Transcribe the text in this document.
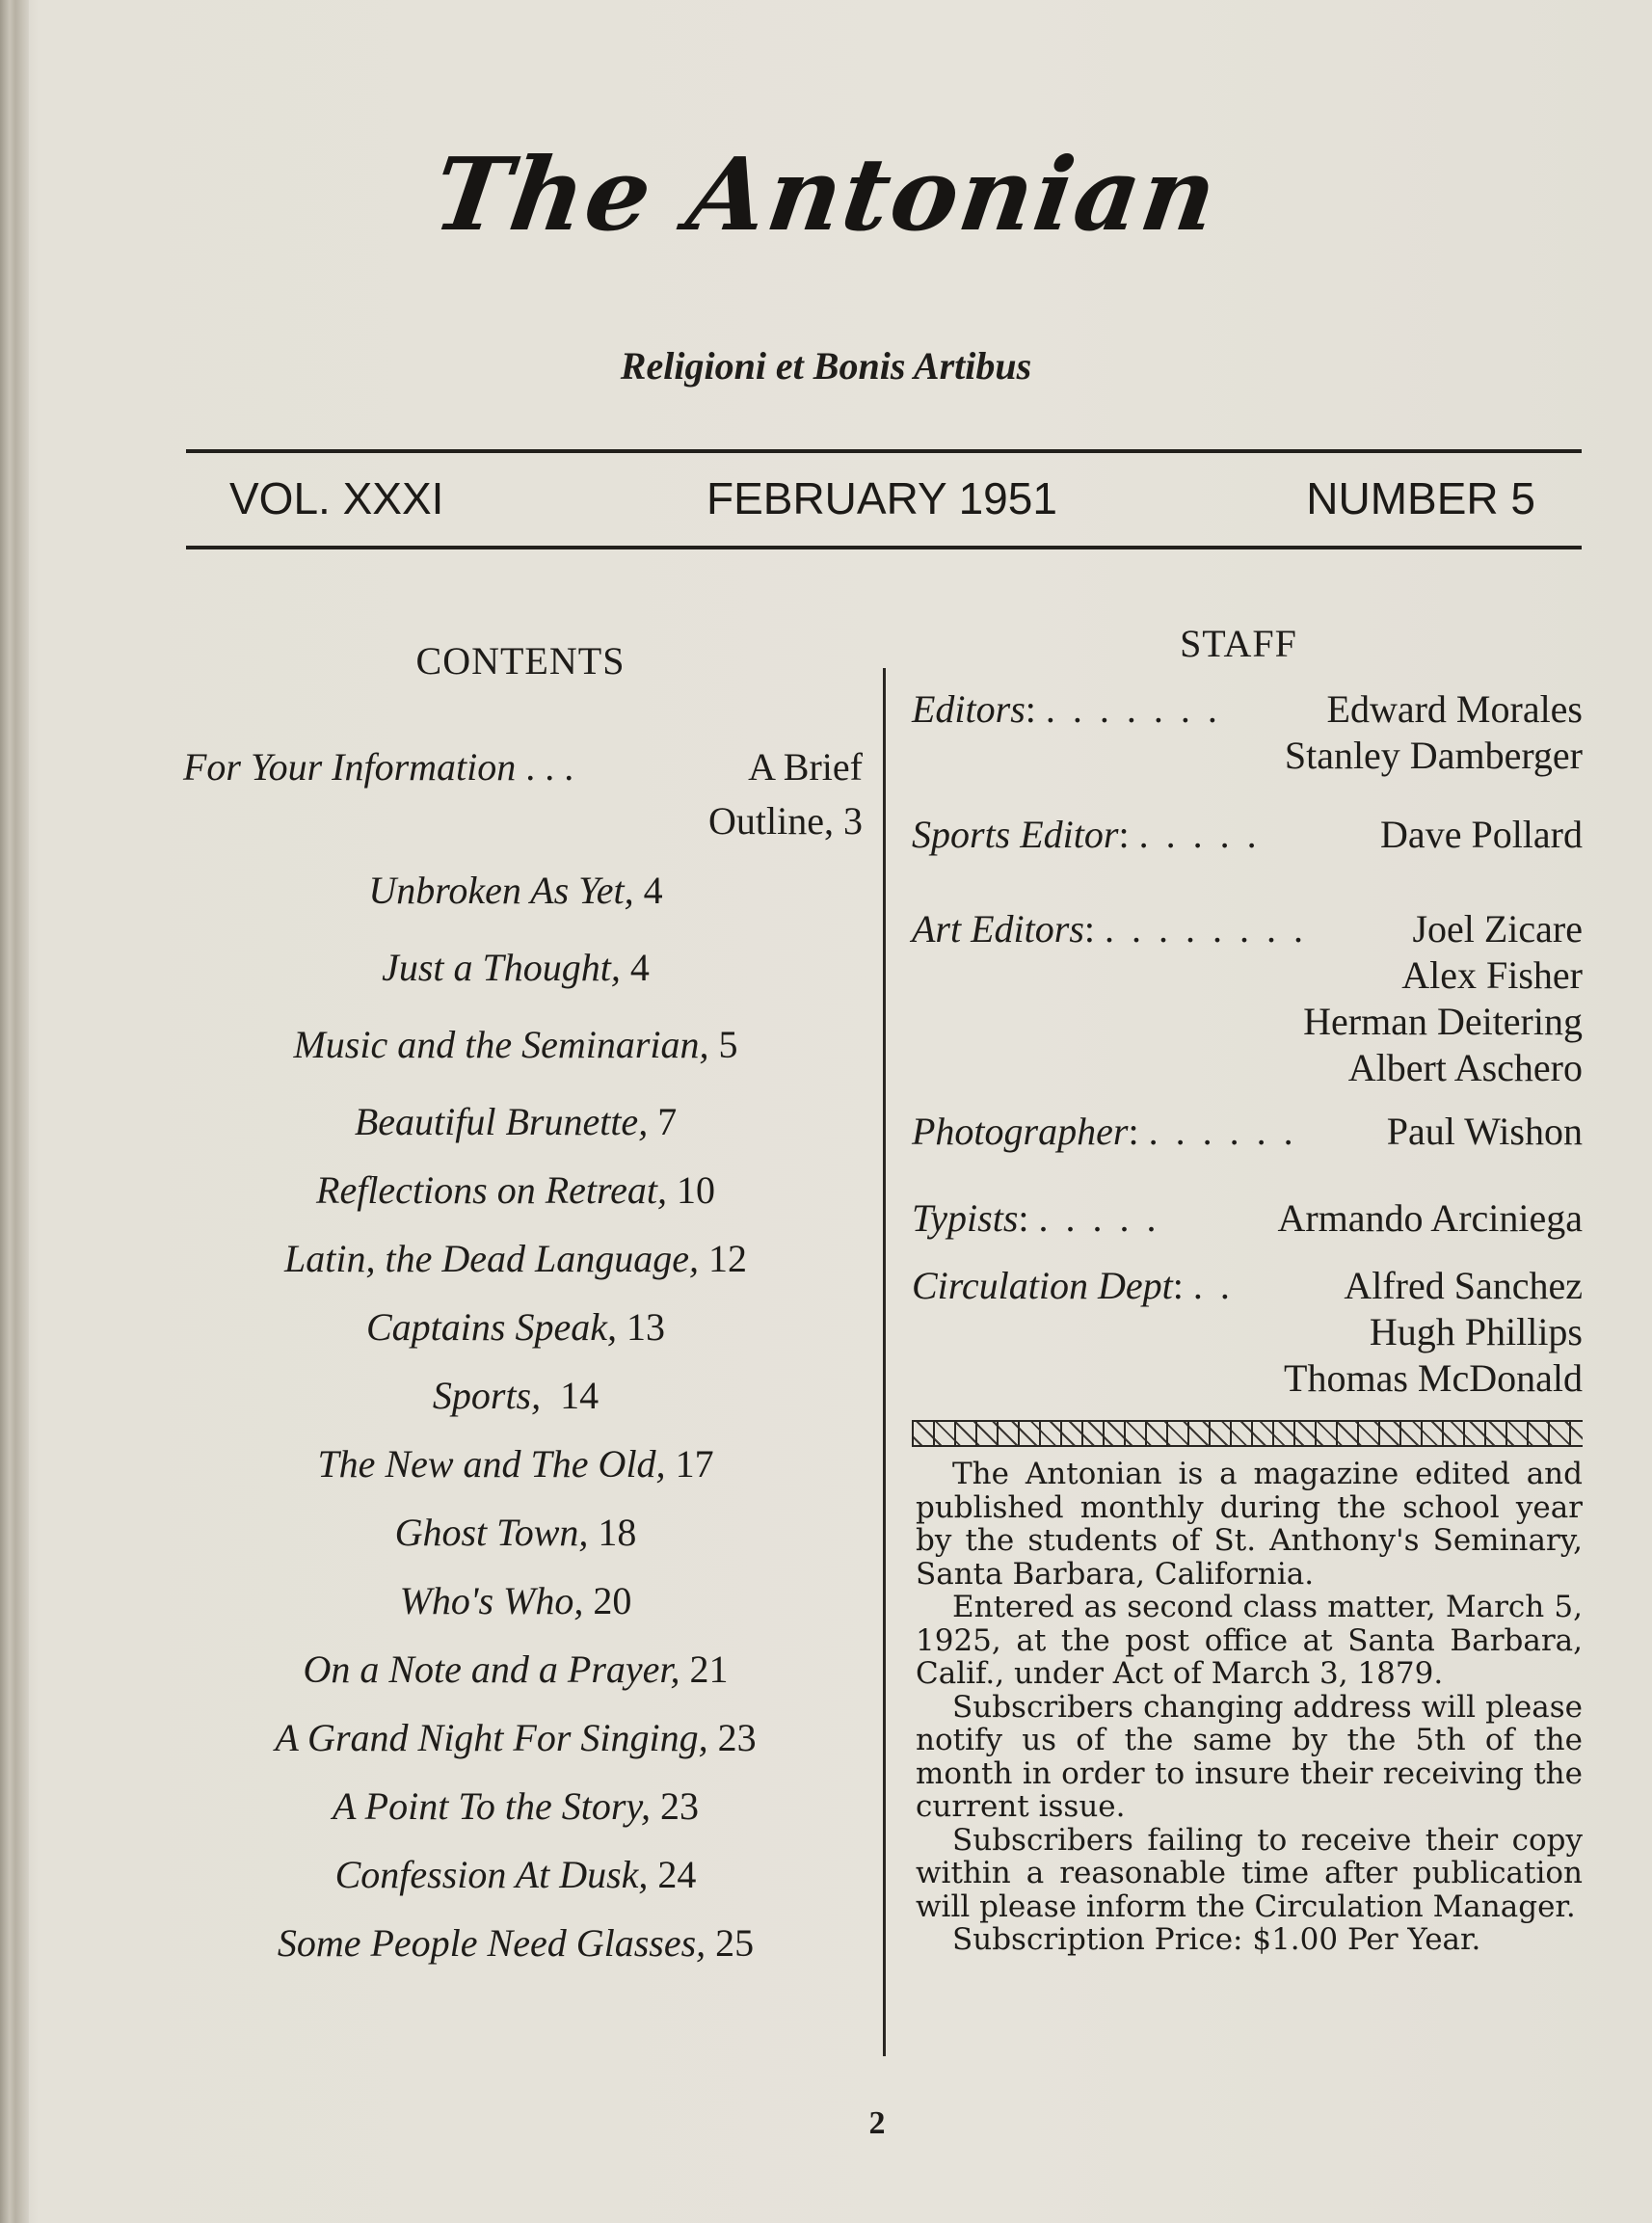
The Antonian
Religioni et Bonis Artibus
VOL. XXXI	FEBRUARY 1951	NUMBER 5
CONTENTS
For Your Information . . .	A Brief
Outline, 3
Unbroken As Yet, 4
Just a Thought, 4
Music and the Seminarian, 5
Beautiful Brunette, 7
Reflections on Retreat, 10
Latin, the Dead Language, 12
Captains Speak, 13
Sports, 14
The New and The Old, 17
Ghost Town, 18
Who's Who, 20
On a Note and a Prayer, 21
A Grand Night For Singing, 23
A Point To the Story, 23
Confession At Dusk, 24
Some People Need Glasses, 25
STAFF
Editors: . . . . . . .	Edward Morales
Stanley Damberger
Sports Editor: . . . . .	Dave Pollard
Art Editors: . . . . . . . .	Joel Zicare
Alex Fisher
Herman Deitering
Albert Aschero
Photographer: . . . . . . Paul Wishon
Typists: . . . . .	Armando Arciniega
Circulation Dept: . .	Alfred Sanchez
Hugh Phillips
Thomas McDonald

The Antonian is a magazine edited and published monthly during the school year by the students of St. Anthony's Seminary, Santa Barbara, California.

Entered as second class matter, March 5, 1925, at the post office at Santa Barbara, Calif., under Act of March 3, 1879.

Subscribers changing address will please notify us of the same by the 5th of the month in order to insure their receiving the current issue.

Subscribers failing to receive their copy within a reasonable time after publication will please inform the Circulation Manager.

Subscription Price: $1.00 Per Year.

2
